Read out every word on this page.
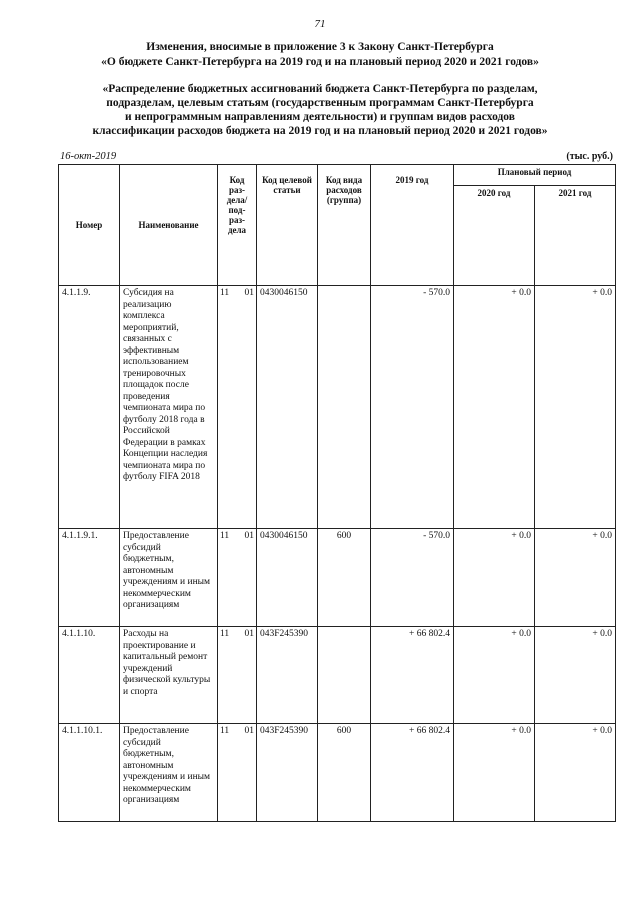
71
Изменения, вносимые в приложение 3 к Закону Санкт-Петербурга
«О бюджете Санкт-Петербурга на 2019 год и на плановый период 2020 и 2021 годов»
«Распределение бюджетных ассигнований бюджета Санкт-Петербурга по разделам,
подразделам, целевым статьям (государственным программам Санкт-Петербурга
и непрограммным направлениям деятельности) и группам видов расходов
классификации расходов бюджета на 2019 год и на плановый период 2020 и 2021 годов»
16-окт-2019	(тыс. руб.)
Номер	Наименование	Код раз- дела/ под- раз- дела	Код целевой статьи	Код вида расходов (группа)	2019 год	Плановый период	
						2020 год	2021 год
4.1.1.9.	Субсидия на реализацию комплекса мероприятий, связанных с эффективным использованием тренировочных площадок после проведения чемпионата мира по футболу 2018 года в Российской Федерации в рамках Концепции наследия чемпионата мира по футболу FIFA 2018	11 01	0430046150		- 570.0	+ 0.0	+ 0.0
4.1.1.9.1.	Предоставление субсидий бюджетным, автономным учреждениям и иным некоммерческим организациям	11 01	0430046150	600	- 570.0	+ 0.0	+ 0.0
4.1.1.10.	Расходы на проектирование и капитальный ремонт учреждений физической культуры и спорта	11 01	043F245390		+ 66 802.4	+ 0.0	+ 0.0
4.1.1.10.1.	Предоставление субсидий бюджетным, автономным учреждениям и иным некоммерческим организациям	11 01	043F245390	600	+ 66 802.4	+ 0.0	+ 0.0
